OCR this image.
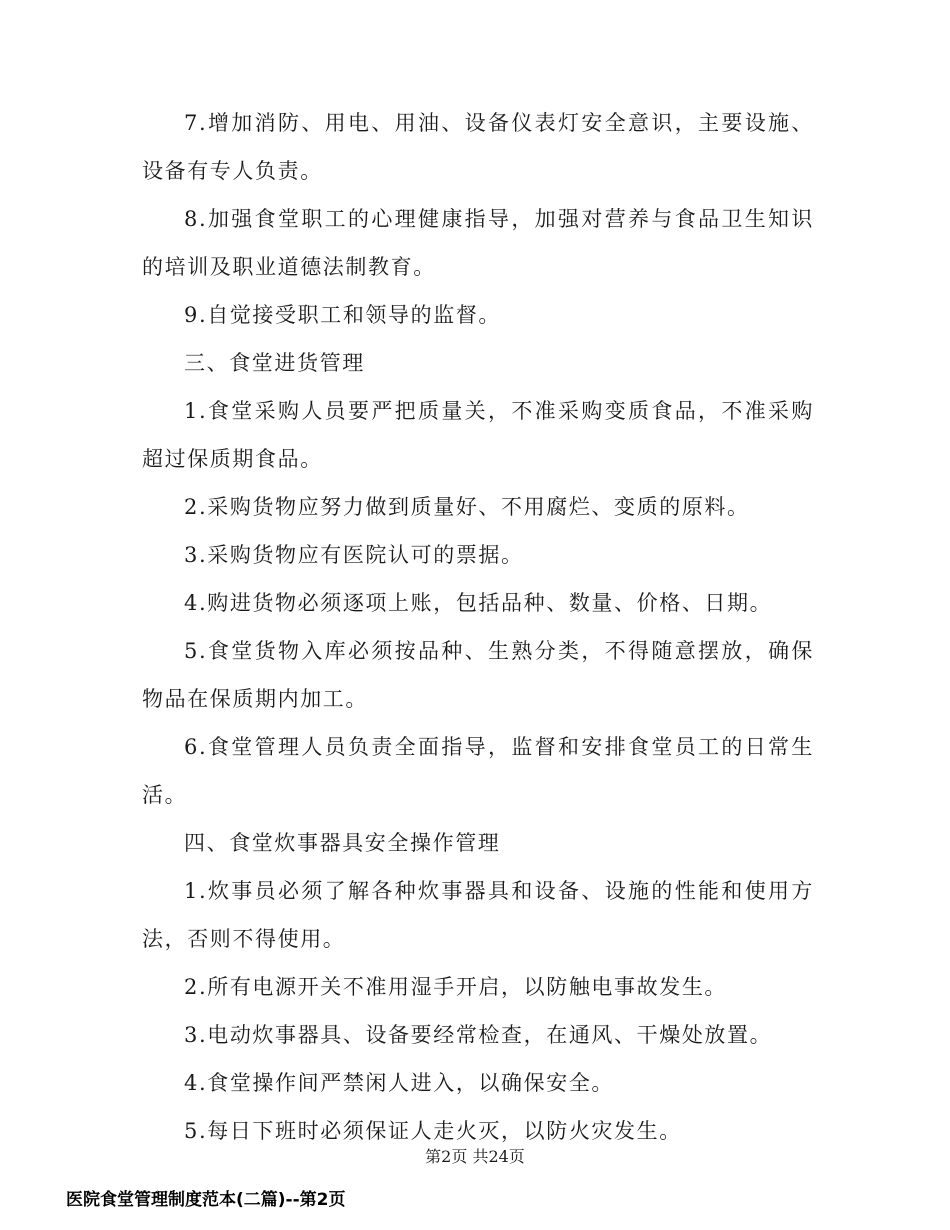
7.增加消防、用电、用油、设备仪表灯安全意识，主要设施、设备有专人负责。

8.加强食堂职工的心理健康指导，加强对营养与食品卫生知识的培训及职业道德法制教育。

9.自觉接受职工和领导的监督。

三、食堂进货管理

1.食堂采购人员要严把质量关，不准采购变质食品，不准采购超过保质期食品。

2.采购货物应努力做到质量好、不用腐烂、变质的原料。

3.采购货物应有医院认可的票据。

4.购进货物必须逐项上账，包括品种、数量、价格、日期。

5.食堂货物入库必须按品种、生熟分类，不得随意摆放，确保物品在保质期内加工。

6.食堂管理人员负责全面指导，监督和安排食堂员工的日常生活。

四、食堂炊事器具安全操作管理

1.炊事员必须了解各种炊事器具和设备、设施的性能和使用方法，否则不得使用。

2.所有电源开关不准用湿手开启，以防触电事故发生。

3.电动炊事器具、设备要经常检查，在通风、干燥处放置。

4.食堂操作间严禁闲人进入，以确保安全。

5.每日下班时必须保证人走火灭，以防火灾发生。

第2页 共24页
医院食堂管理制度范本(二篇)--第2页
